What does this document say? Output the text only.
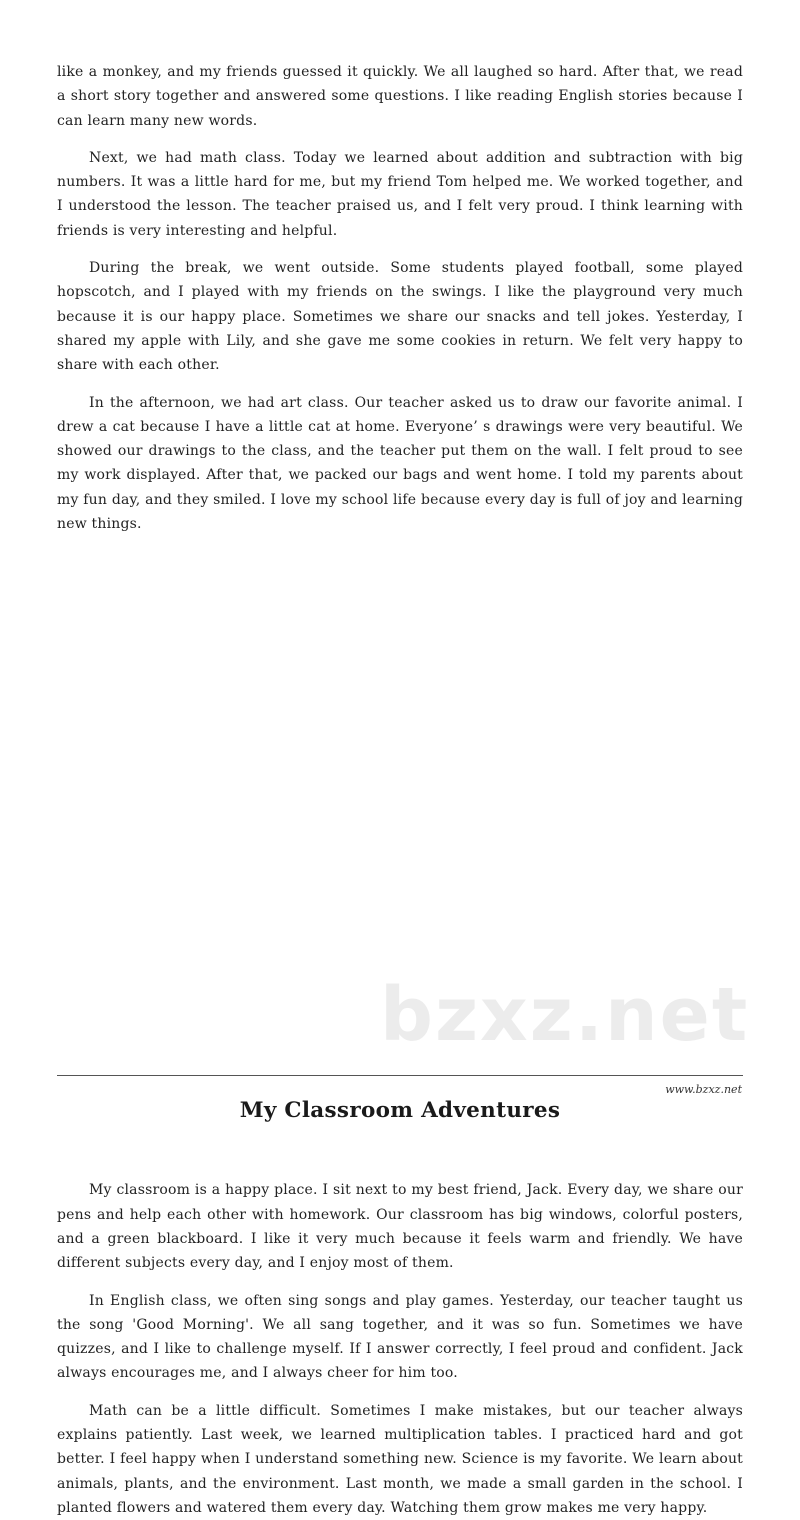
bzxz.net

like a monkey, and my friends guessed it quickly. We all laughed so hard. After that, we read a short story together and answered some questions. I like reading English stories because I can learn many new words.

Next, we had math class. Today we learned about addition and subtraction with big numbers. It was a little hard for me, but my friend Tom helped me. We worked together, and I understood the lesson. The teacher praised us, and I felt very proud. I think learning with friends is very interesting and helpful.

During the break, we went outside. Some students played football, some played hopscotch, and I played with my friends on the swings. I like the playground very much because it is our happy place. Sometimes we share our snacks and tell jokes. Yesterday, I shared my apple with Lily, and she gave me some cookies in return. We felt very happy to share with each other.

In the afternoon, we had art class. Our teacher asked us to draw our favorite animal. I drew a cat because I have a little cat at home. Everyone’ s drawings were very beautiful. We showed our drawings to the class, and the teacher put them on the wall. I felt proud to see my work displayed. After that, we packed our bags and went home. I told my parents about my fun day, and they smiled. I love my school life because every day is full of joy and learning new things.

My Classroom Adventures

My classroom is a happy place. I sit next to my best friend, Jack. Every day, we share our pens and help each other with homework. Our classroom has big windows, colorful posters, and a green blackboard. I like it very much because it feels warm and friendly. We have different subjects every day, and I enjoy most of them.

In English class, we often sing songs and play games. Yesterday, our teacher taught us the song 'Good Morning'. We all sang together, and it was so fun. Sometimes we have quizzes, and I like to challenge myself. If I answer correctly, I feel proud and confident. Jack always encourages me, and I always cheer for him too.

Math can be a little difficult. Sometimes I make mistakes, but our teacher always explains patiently. Last week, we learned multiplication tables. I practiced hard and got better. I feel happy when I understand something new. Science is my favorite. We learn about animals, plants, and the environment. Last month, we made a small garden in the school. I planted flowers and watered them every day. Watching them grow makes me very happy.

www.bzxz.net
